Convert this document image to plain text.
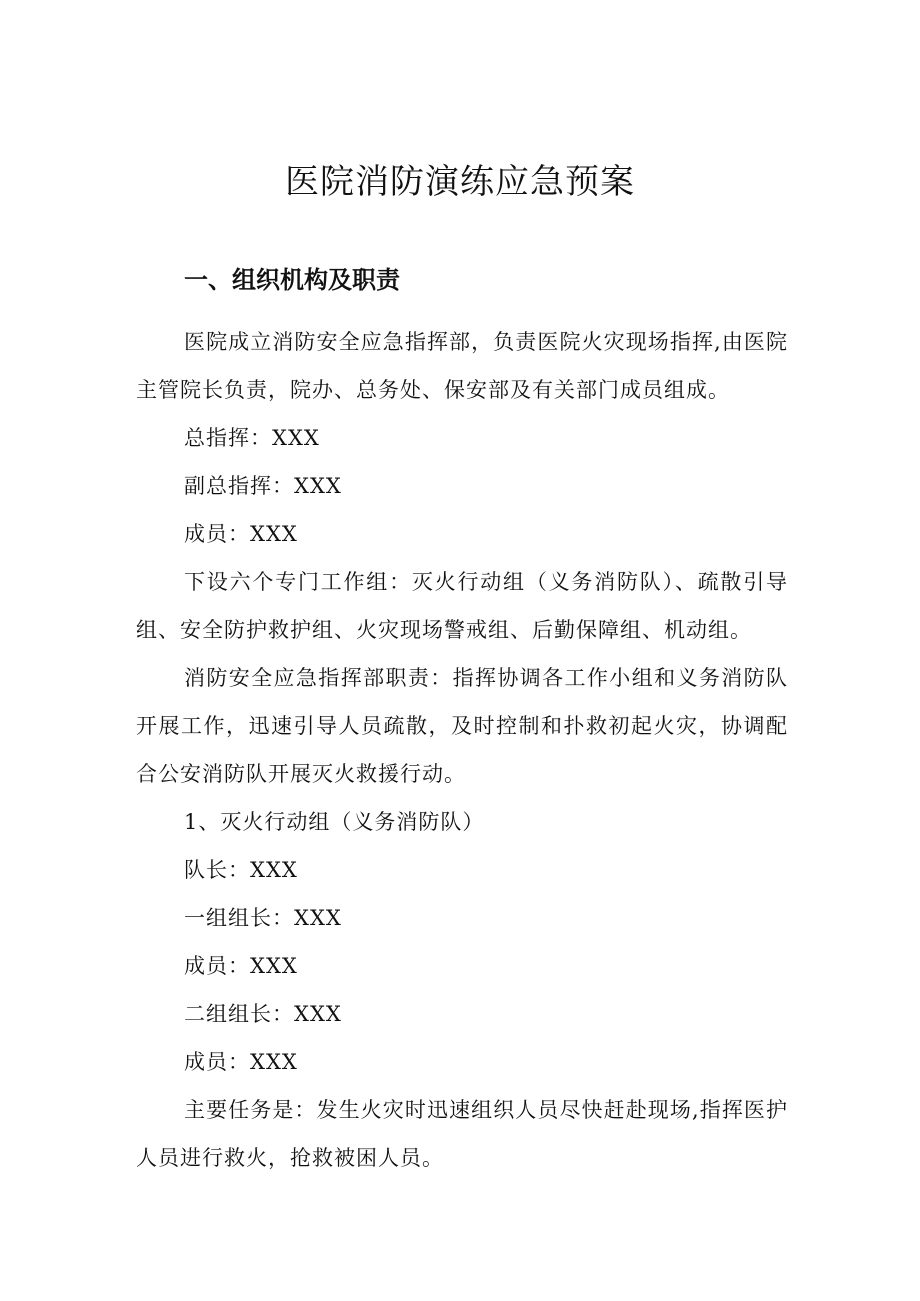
医院消防演练应急预案
一、组织机构及职责

医院成立消防安全应急指挥部，负责医院火灾现场指挥,由医院主管院长负责，院办、总务处、保安部及有关部门成员组成。

总指挥：XXX

副总指挥：XXX

成员：XXX

下设六个专门工作组：灭火行动组（义务消防队）、疏散引导组、安全防护救护组、火灾现场警戒组、后勤保障组、机动组。

消防安全应急指挥部职责：指挥协调各工作小组和义务消防队开展工作，迅速引导人员疏散，及时控制和扑救初起火灾，协调配合公安消防队开展灭火救援行动。

1、灭火行动组（义务消防队）

队长：XXX

一组组长：XXX

成员：XXX

二组组长：XXX

成员：XXX

主要任务是：发生火灾时迅速组织人员尽快赶赴现场,指挥医护人员进行救火，抢救被困人员。
